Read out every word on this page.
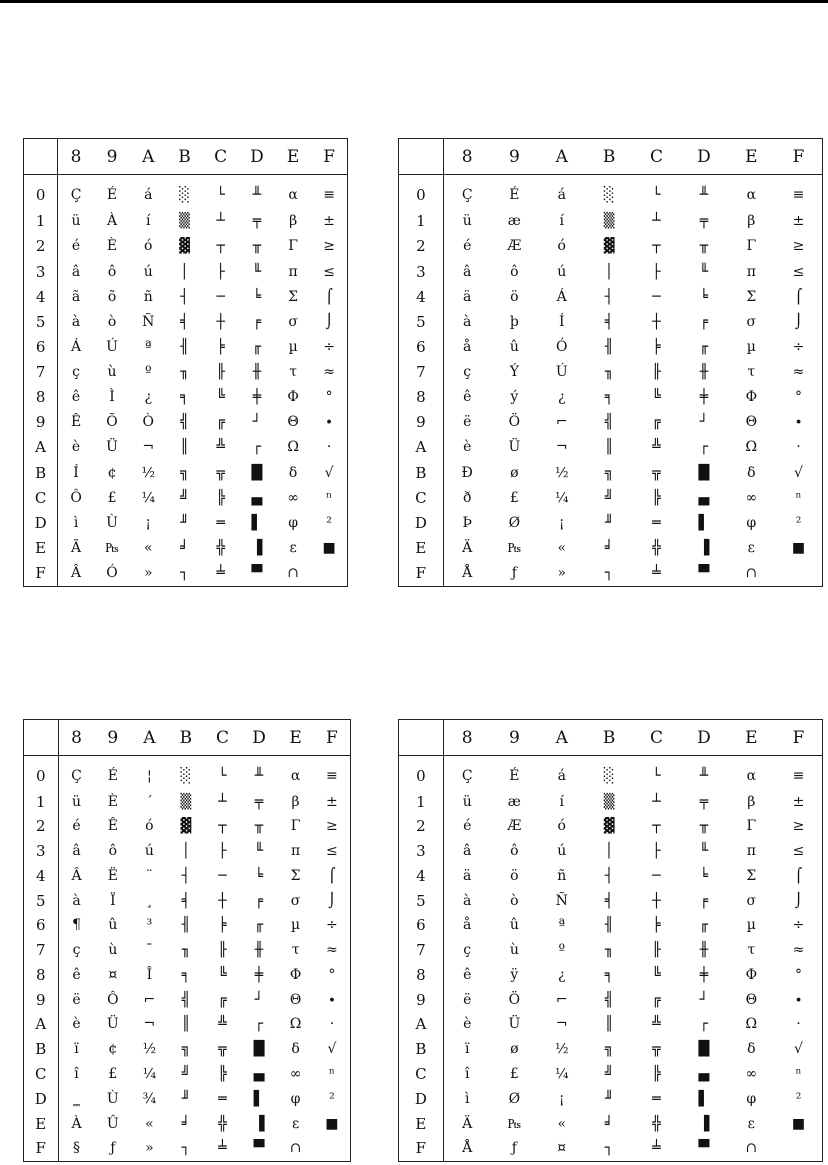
	8	9	A	B	C	D	E	F
0	Ç	É	á	░	└	╨	α	≡
1	ü	À	í	▒	┴	╤	β	±
2	é	È	ó	▓	┬	╥	Γ	≥
3	â	ô	ú	│	├	╙	π	≤
4	ã	õ	ñ	┤	─	╘	Σ	⌠
5	à	ò	Ñ	╡	┼	╒	σ	⌡
6	Á	Ú	ª	╢	╞	╓	µ	÷
7	ç	ù	º	╖	╟	╫	τ	≈
8	ê	Ì	¿	╕	╚	╪	Φ	°
9	Ê	Õ	Ò	╣	╔	┘	Θ	∙
A	è	Ü	¬	║	╩	┌	Ω	·
B	Í	¢	½	╗	╦	█	δ	√
C	Ô	£	¼	╝	╠	▄	∞	ⁿ
D	ì	Ù	¡	╜	═	▌	φ	²
E	Ã	₧	«	╛	╬	▐	ε	■
F	Â	Ó	»	┐	╧	▀	∩	
	8	9	A	B	C	D	E	F
0	Ç	É	á	░	└	╨	α	≡
1	ü	æ	í	▒	┴	╤	β	±
2	é	Æ	ó	▓	┬	╥	Γ	≥
3	â	ô	ú	│	├	╙	π	≤
4	ä	ö	Á	┤	─	╘	Σ	⌠
5	à	þ	Í	╡	┼	╒	σ	⌡
6	å	û	Ó	╢	╞	╓	µ	÷
7	ç	Ý	Ú	╖	╟	╫	τ	≈
8	ê	ý	¿	╕	╚	╪	Φ	°
9	ë	Ö	⌐	╣	╔	┘	Θ	∙
A	è	Ü	¬	║	╩	┌	Ω	·
B	Ð	ø	½	╗	╦	█	δ	√
C	ð	£	¼	╝	╠	▄	∞	ⁿ
D	Þ	Ø	¡	╜	═	▌	φ	²
E	Ä	₧	«	╛	╬	▐	ε	■
F	Å	ƒ	»	┐	╧	▀	∩	
	8	9	A	B	C	D	E	F
0	Ç	É	¦	░	└	╨	α	≡
1	ü	È	´	▒	┴	╤	β	±
2	é	Ê	ó	▓	┬	╥	Γ	≥
3	â	ô	ú	│	├	╙	π	≤
4	Â	Ë	¨	┤	─	╘	Σ	⌠
5	à	Ï	¸	╡	┼	╒	σ	⌡
6	¶	û	³	╢	╞	╓	µ	÷
7	ç	ù	¯	╖	╟	╫	τ	≈
8	ê	¤	Î	╕	╚	╪	Φ	°
9	ë	Ô	⌐	╣	╔	┘	Θ	∙
A	è	Ü	¬	║	╩	┌	Ω	·
B	ï	¢	½	╗	╦	█	δ	√
C	î	£	¼	╝	╠	▄	∞	ⁿ
D	‗	Ù	¾	╜	═	▌	φ	²
E	À	Û	«	╛	╬	▐	ε	■
F	§	ƒ	»	┐	╧	▀	∩	
	8	9	A	B	C	D	E	F
0	Ç	É	á	░	└	╨	α	≡
1	ü	æ	í	▒	┴	╤	β	±
2	é	Æ	ó	▓	┬	╥	Γ	≥
3	â	ô	ú	│	├	╙	π	≤
4	ä	ö	ñ	┤	─	╘	Σ	⌠
5	à	ò	Ñ	╡	┼	╒	σ	⌡
6	å	û	ª	╢	╞	╓	µ	÷
7	ç	ù	º	╖	╟	╫	τ	≈
8	ê	ÿ	¿	╕	╚	╪	Φ	°
9	ë	Ö	⌐	╣	╔	┘	Θ	∙
A	è	Ü	¬	║	╩	┌	Ω	·
B	ï	ø	½	╗	╦	█	δ	√
C	î	£	¼	╝	╠	▄	∞	ⁿ
D	ì	Ø	¡	╜	═	▌	φ	²
E	Ä	₧	«	╛	╬	▐	ε	■
F	Å	ƒ	¤	┐	╧	▀	∩	
